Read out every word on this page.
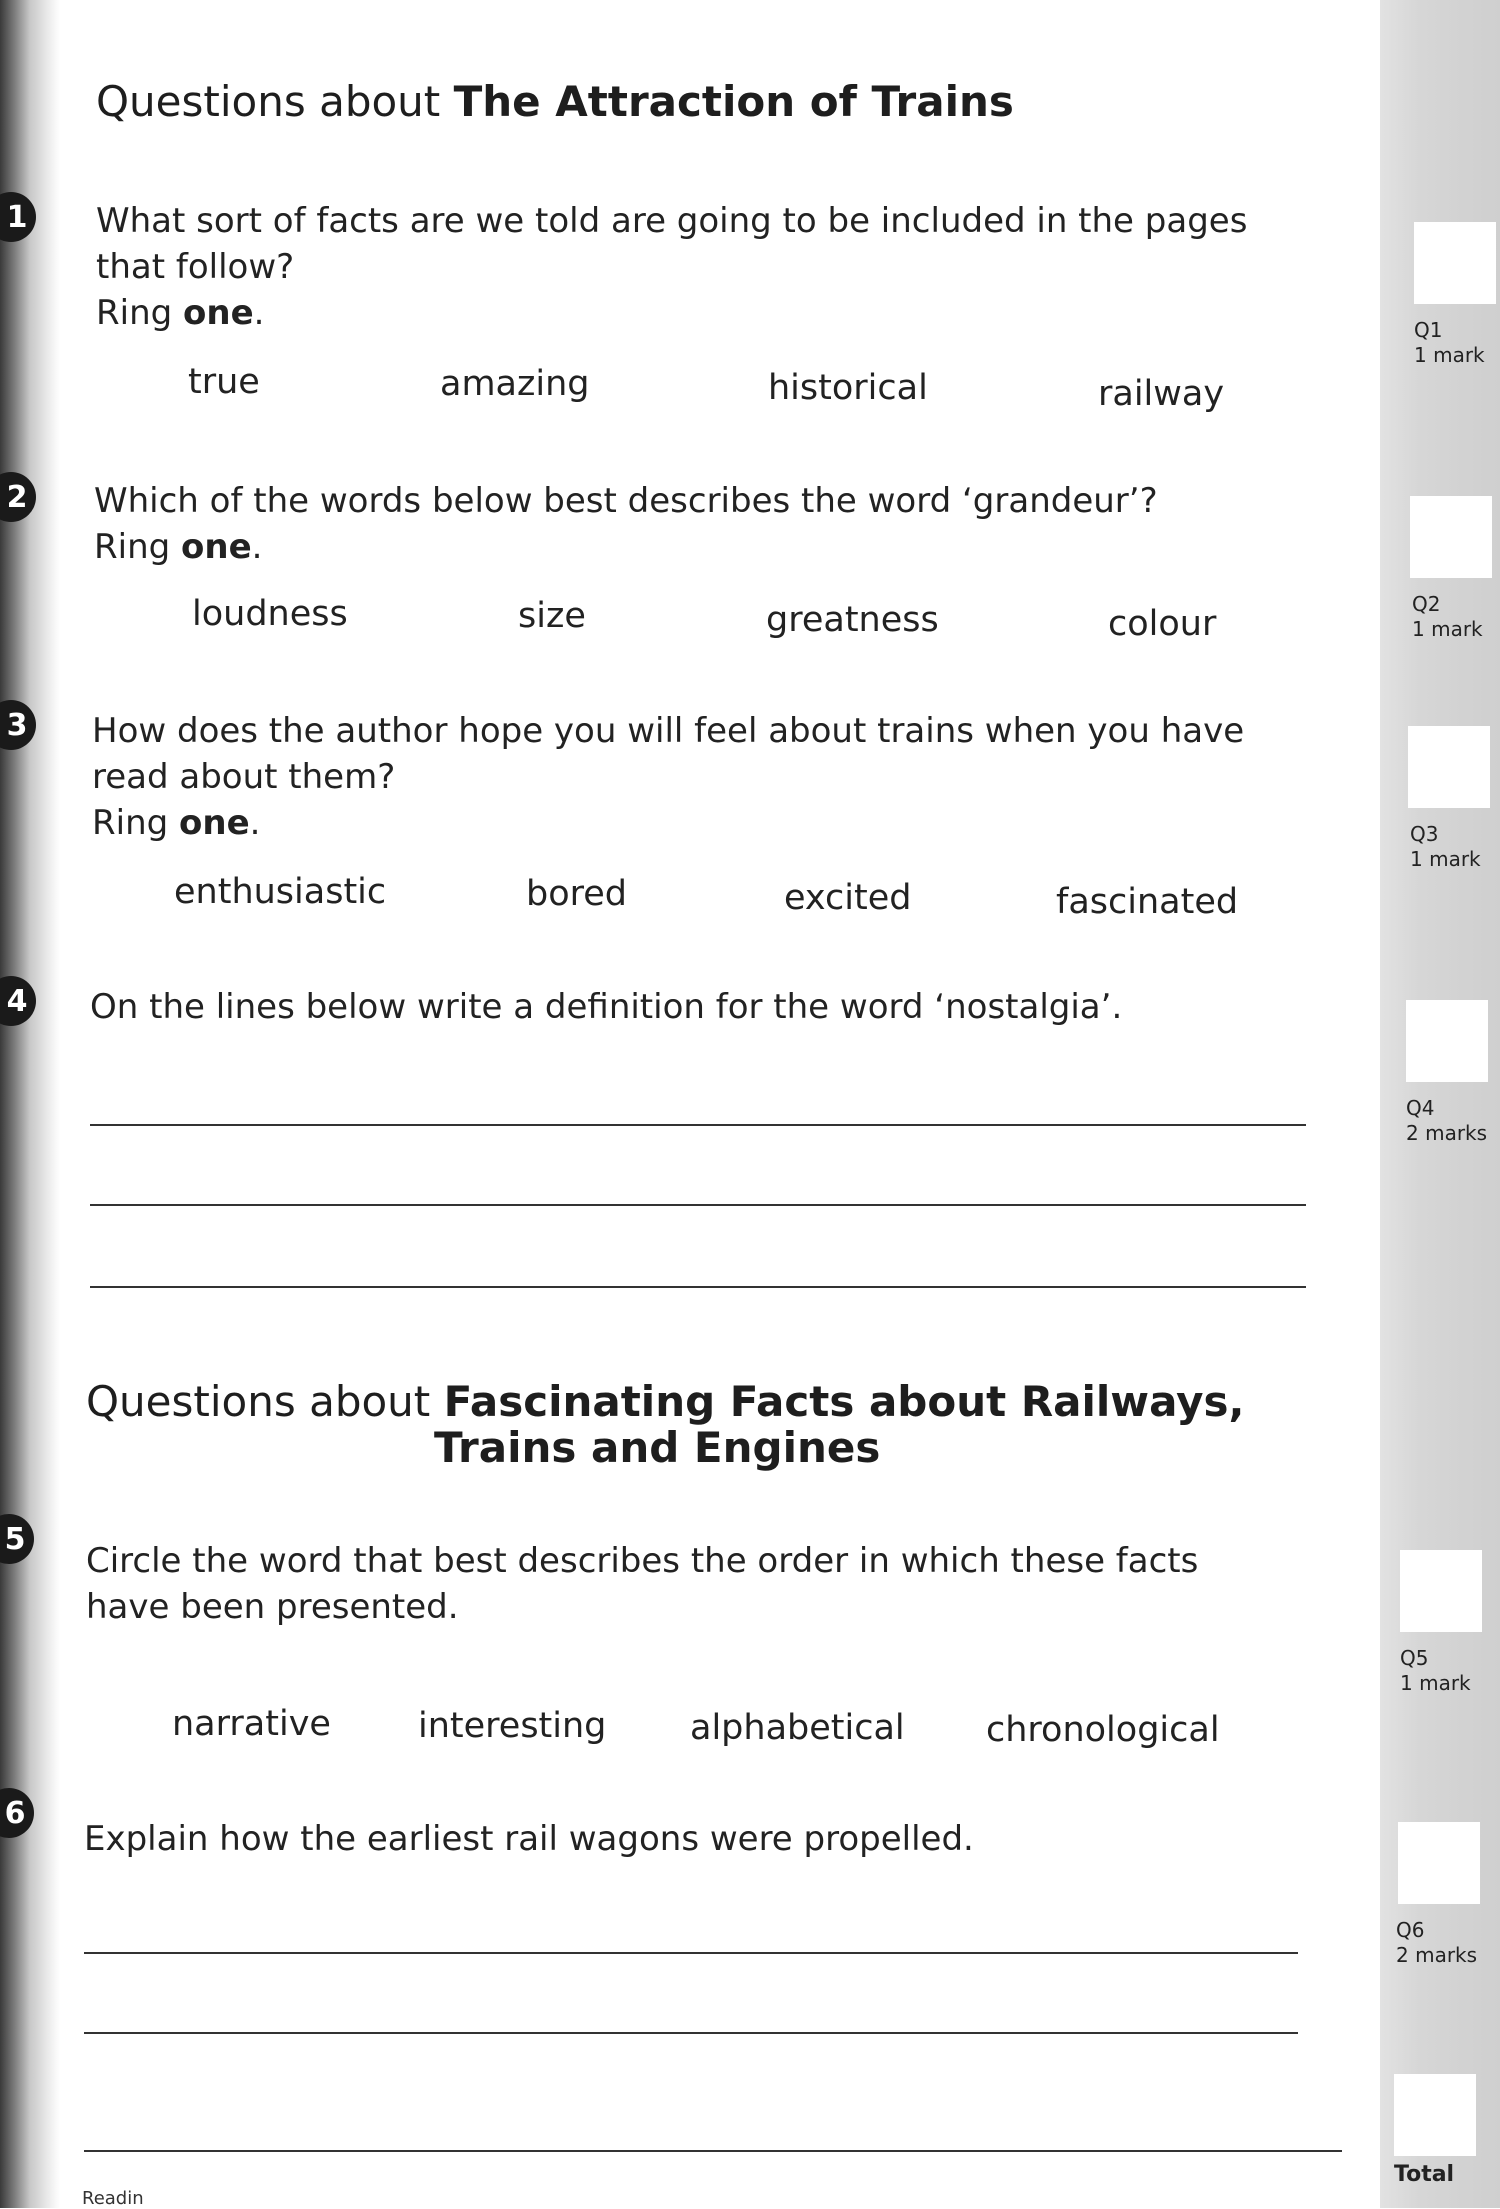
Questions about The Attraction of Trains
1 What sort of facts are we told are going to be included in the pages that follow?
Ring one.
true	amazing	historical	railway
2 Which of the words below best describes the word ‘grandeur’?
Ring one.
loudness	size	greatness	colour
3 How does the author hope you will feel about trains when you have read about them?
Ring one.
enthusiastic	bored	excited	fascinated
4 On the lines below write a definition for the word ‘nostalgia’.
Questions about Fascinating Facts about Railways,
Trains and Engines
5
Circle the word that best describes the order in which these facts have been presented.
narrative interesting alphabetical chronological
6
Explain how the earliest rail wagons were propelled.
Q1
1 mark
Q2
1 mark
Q3
1 mark
Q4
2 marks
Q5
1 mark
Q6
2 marks
Total
Readin
